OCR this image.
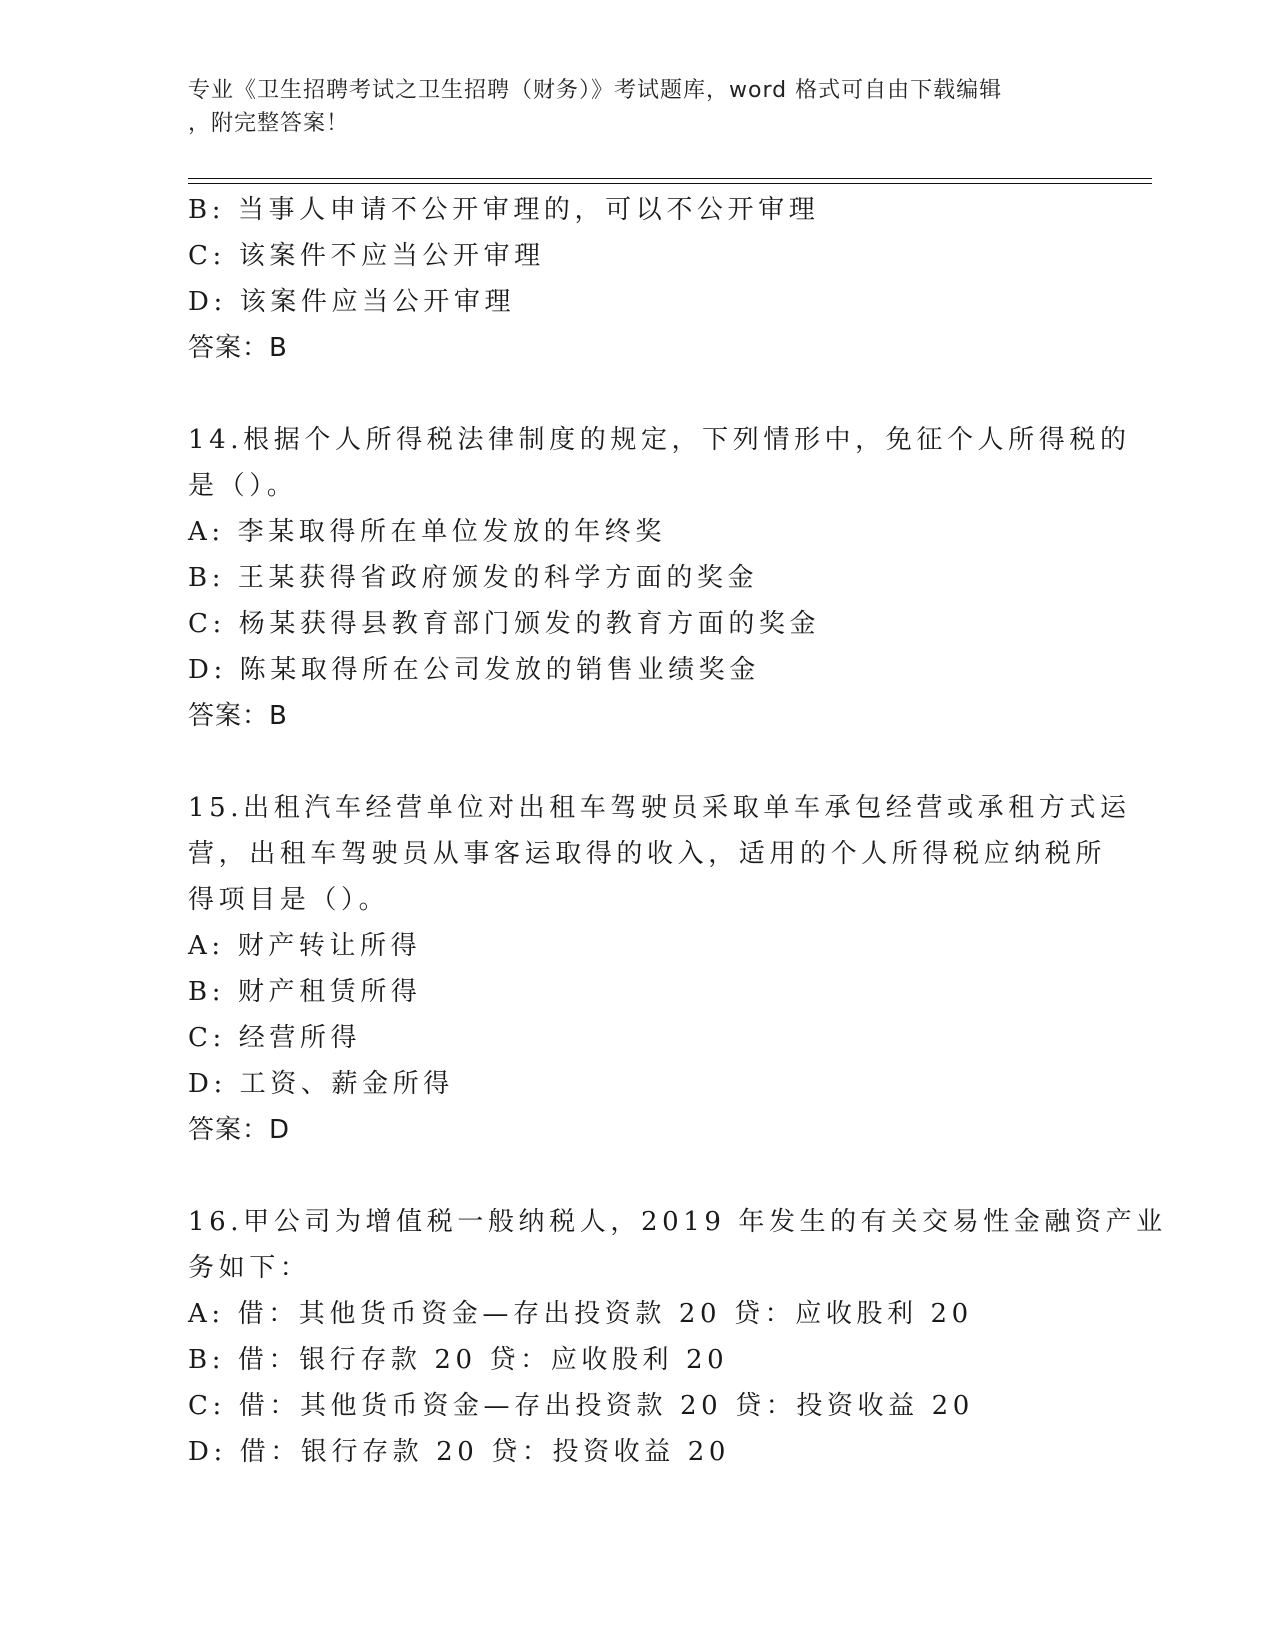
专业《卫生招聘考试之卫生招聘（财务）》考试题库，word 格式可自由下载编辑
，附完整答案！
B: 当事人申请不公开审理的，可以不公开审理
C: 该案件不应当公开审理
D: 该案件应当公开审理
答案：B
14.根据个人所得税法律制度的规定，下列情形中，免征个人所得税的
是（）。
A: 李某取得所在单位发放的年终奖
B: 王某获得省政府颁发的科学方面的奖金
C: 杨某获得县教育部门颁发的教育方面的奖金
D: 陈某取得所在公司发放的销售业绩奖金
答案：B
15.出租汽车经营单位对出租车驾驶员采取单车承包经营或承租方式运
营，出租车驾驶员从事客运取得的收入，适用的个人所得税应纳税所
得项目是（）。
A: 财产转让所得
B: 财产租赁所得
C: 经营所得
D: 工资、薪金所得
答案：D
16.甲公司为增值税一般纳税人，2019 年发生的有关交易性金融资产业
务如下：
A: 借：其他货币资金—存出投资款 20 贷：应收股利 20
B: 借：银行存款 20 贷：应收股利 20
C: 借：其他货币资金—存出投资款 20 贷：投资收益 20
D: 借：银行存款 20 贷：投资收益 20
